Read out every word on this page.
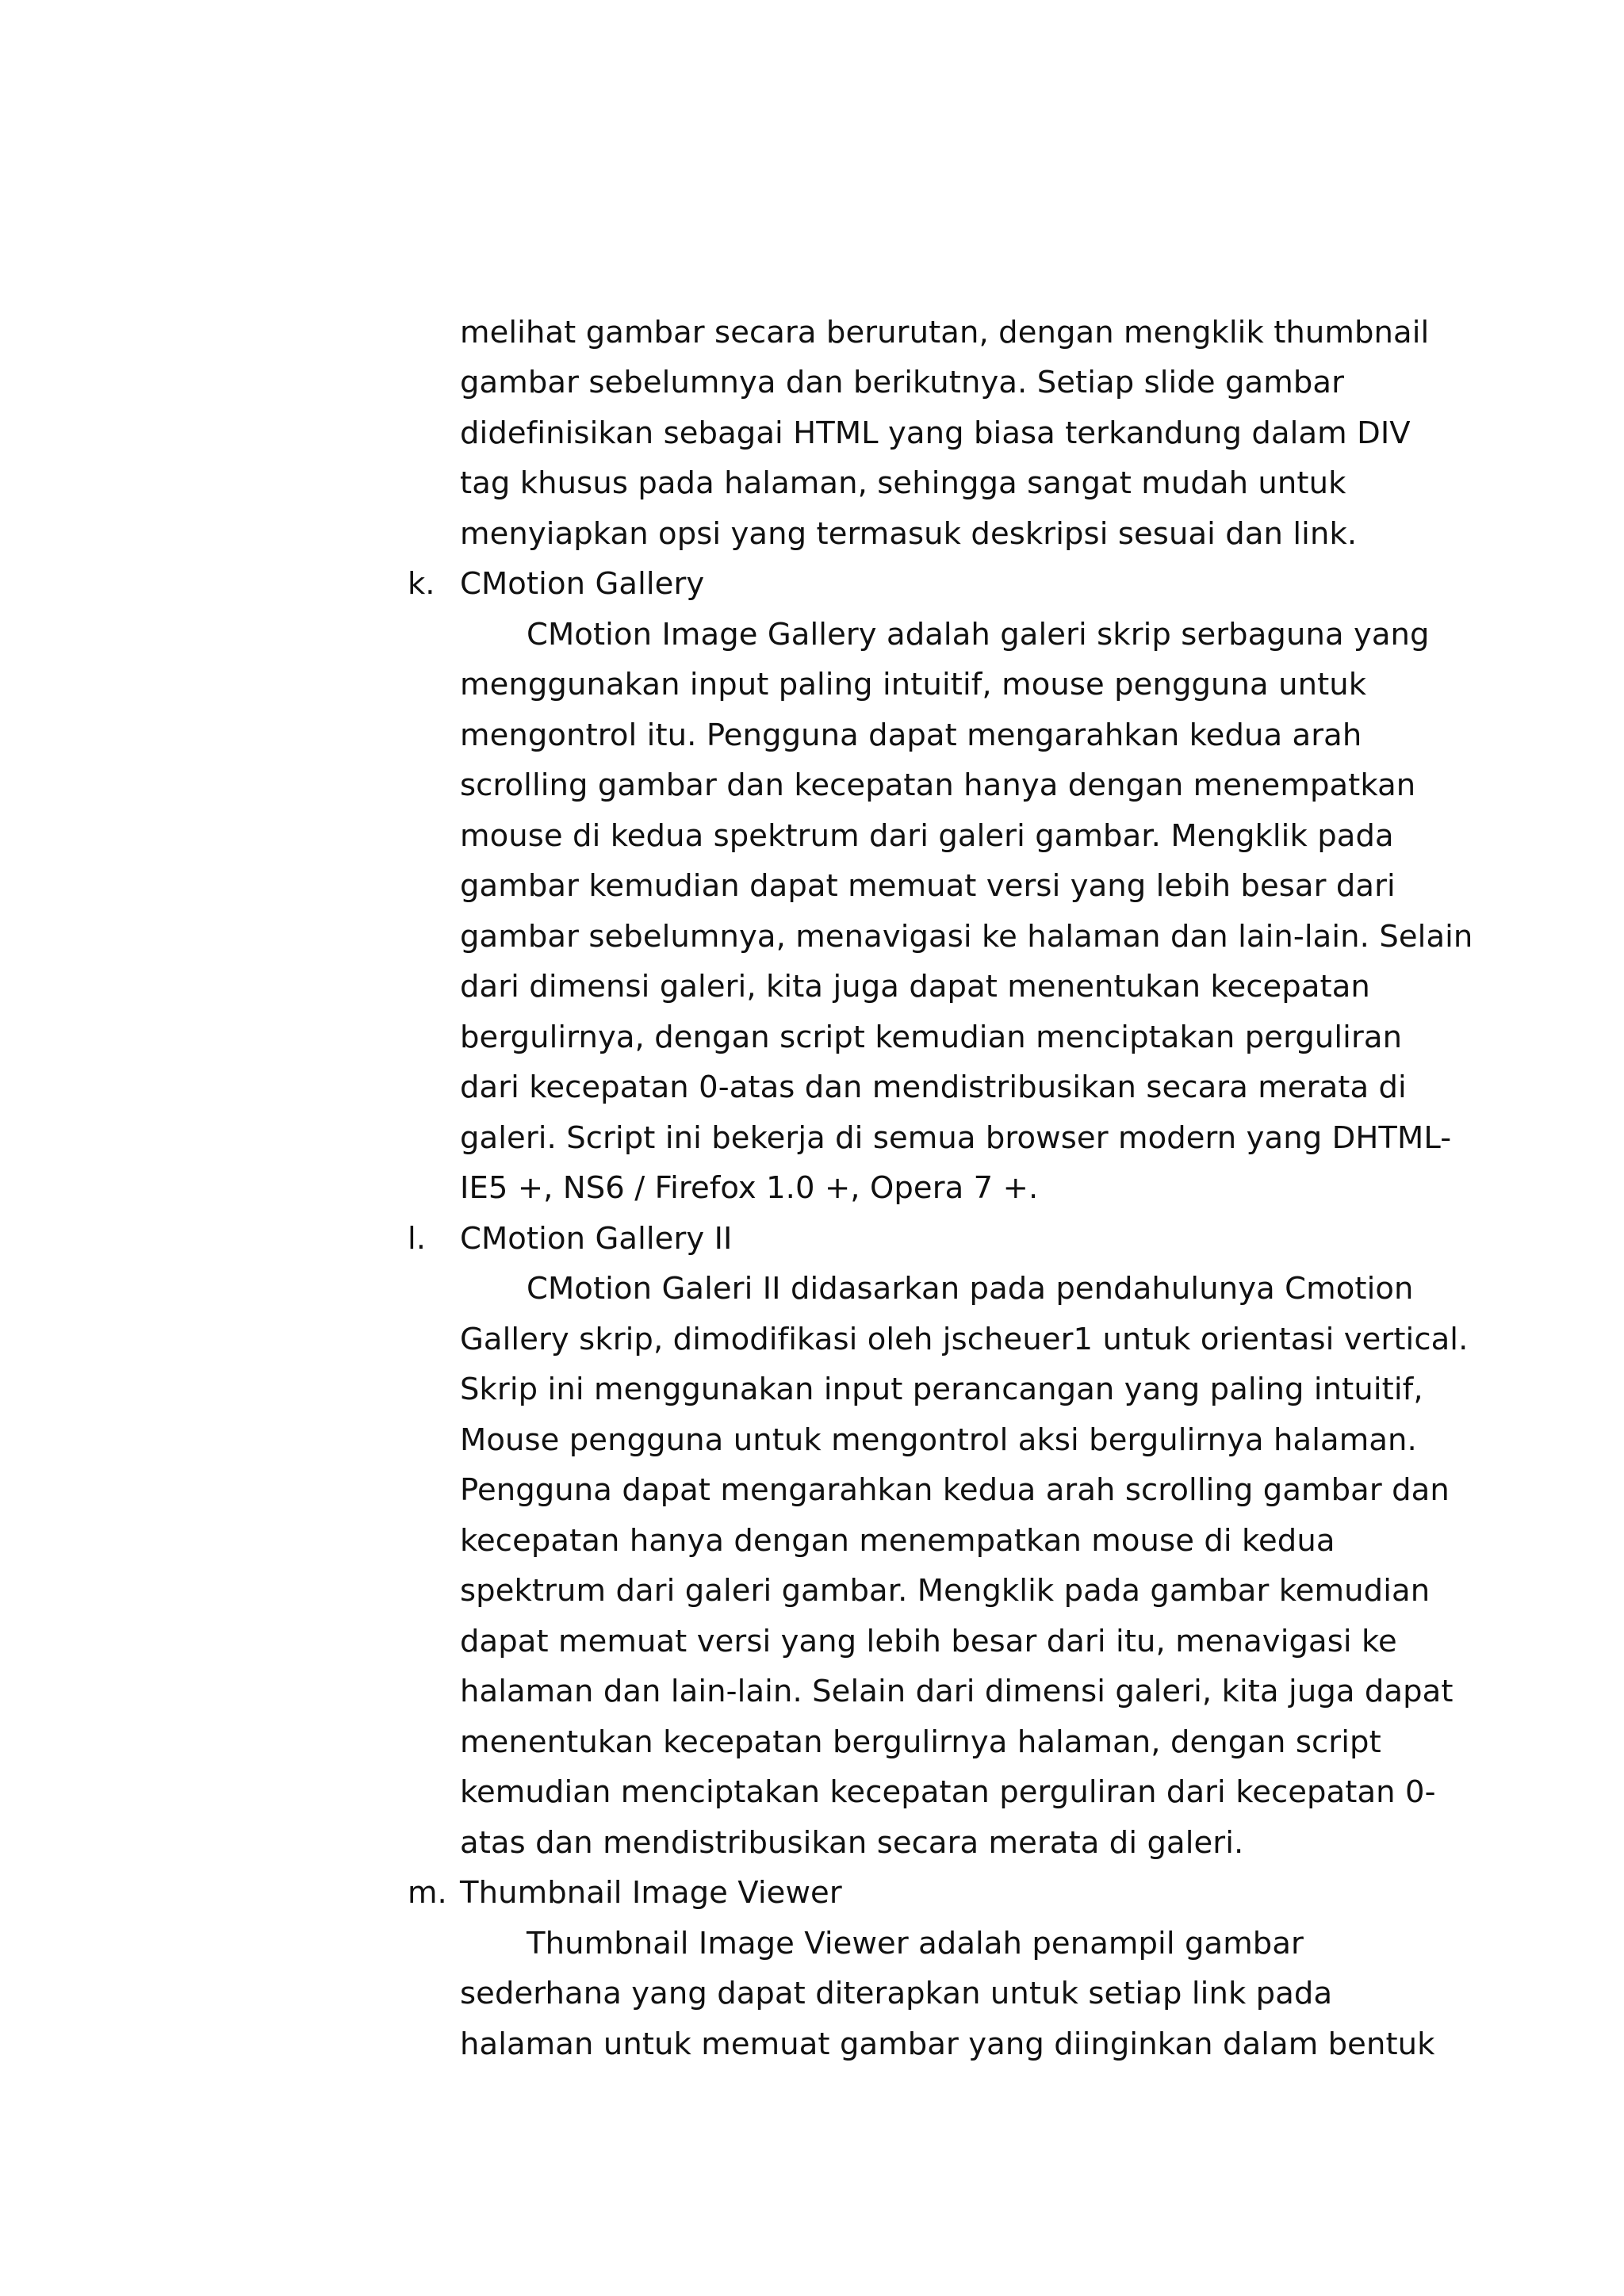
melihat gambar secara berurutan, dengan mengklik thumbnail
gambar sebelumnya dan berikutnya. Setiap slide gambar
didefinisikan sebagai HTML yang biasa terkandung dalam DIV
tag khusus pada halaman, sehingga sangat mudah untuk
menyiapkan opsi yang termasuk deskripsi sesuai dan link.
k. CMotion Gallery
CMotion Image Gallery adalah galeri skrip serbaguna yang
menggunakan input paling intuitif, mouse pengguna untuk
mengontrol itu. Pengguna dapat mengarahkan kedua arah
scrolling gambar dan kecepatan hanya dengan menempatkan
mouse di kedua spektrum dari galeri gambar. Mengklik pada
gambar kemudian dapat memuat versi yang lebih besar dari
gambar sebelumnya, menavigasi ke halaman dan lain-lain. Selain
dari dimensi galeri, kita juga dapat menentukan kecepatan
bergulirnya, dengan script kemudian menciptakan perguliran
dari kecepatan 0-atas dan mendistribusikan secara merata di
galeri. Script ini bekerja di semua browser modern yang DHTML-
IE5 +, NS6 / Firefox 1.0 +, Opera 7 +.
l. CMotion Gallery II
CMotion Galeri II didasarkan pada pendahulunya Cmotion
Gallery skrip, dimodifikasi oleh jscheuer1 untuk orientasi vertical.
Skrip ini menggunakan input perancangan yang paling intuitif,
Mouse pengguna untuk mengontrol aksi bergulirnya halaman.
Pengguna dapat mengarahkan kedua arah scrolling gambar dan
kecepatan hanya dengan menempatkan mouse di kedua
spektrum dari galeri gambar. Mengklik pada gambar kemudian
dapat memuat versi yang lebih besar dari itu, menavigasi ke
halaman dan lain-lain. Selain dari dimensi galeri, kita juga dapat
menentukan kecepatan bergulirnya halaman, dengan script
kemudian menciptakan kecepatan perguliran dari kecepatan 0-
atas dan mendistribusikan secara merata di galeri.
m. Thumbnail Image Viewer
Thumbnail Image Viewer adalah penampil gambar
sederhana yang dapat diterapkan untuk setiap link pada
halaman untuk memuat gambar yang diinginkan dalam bentuk
